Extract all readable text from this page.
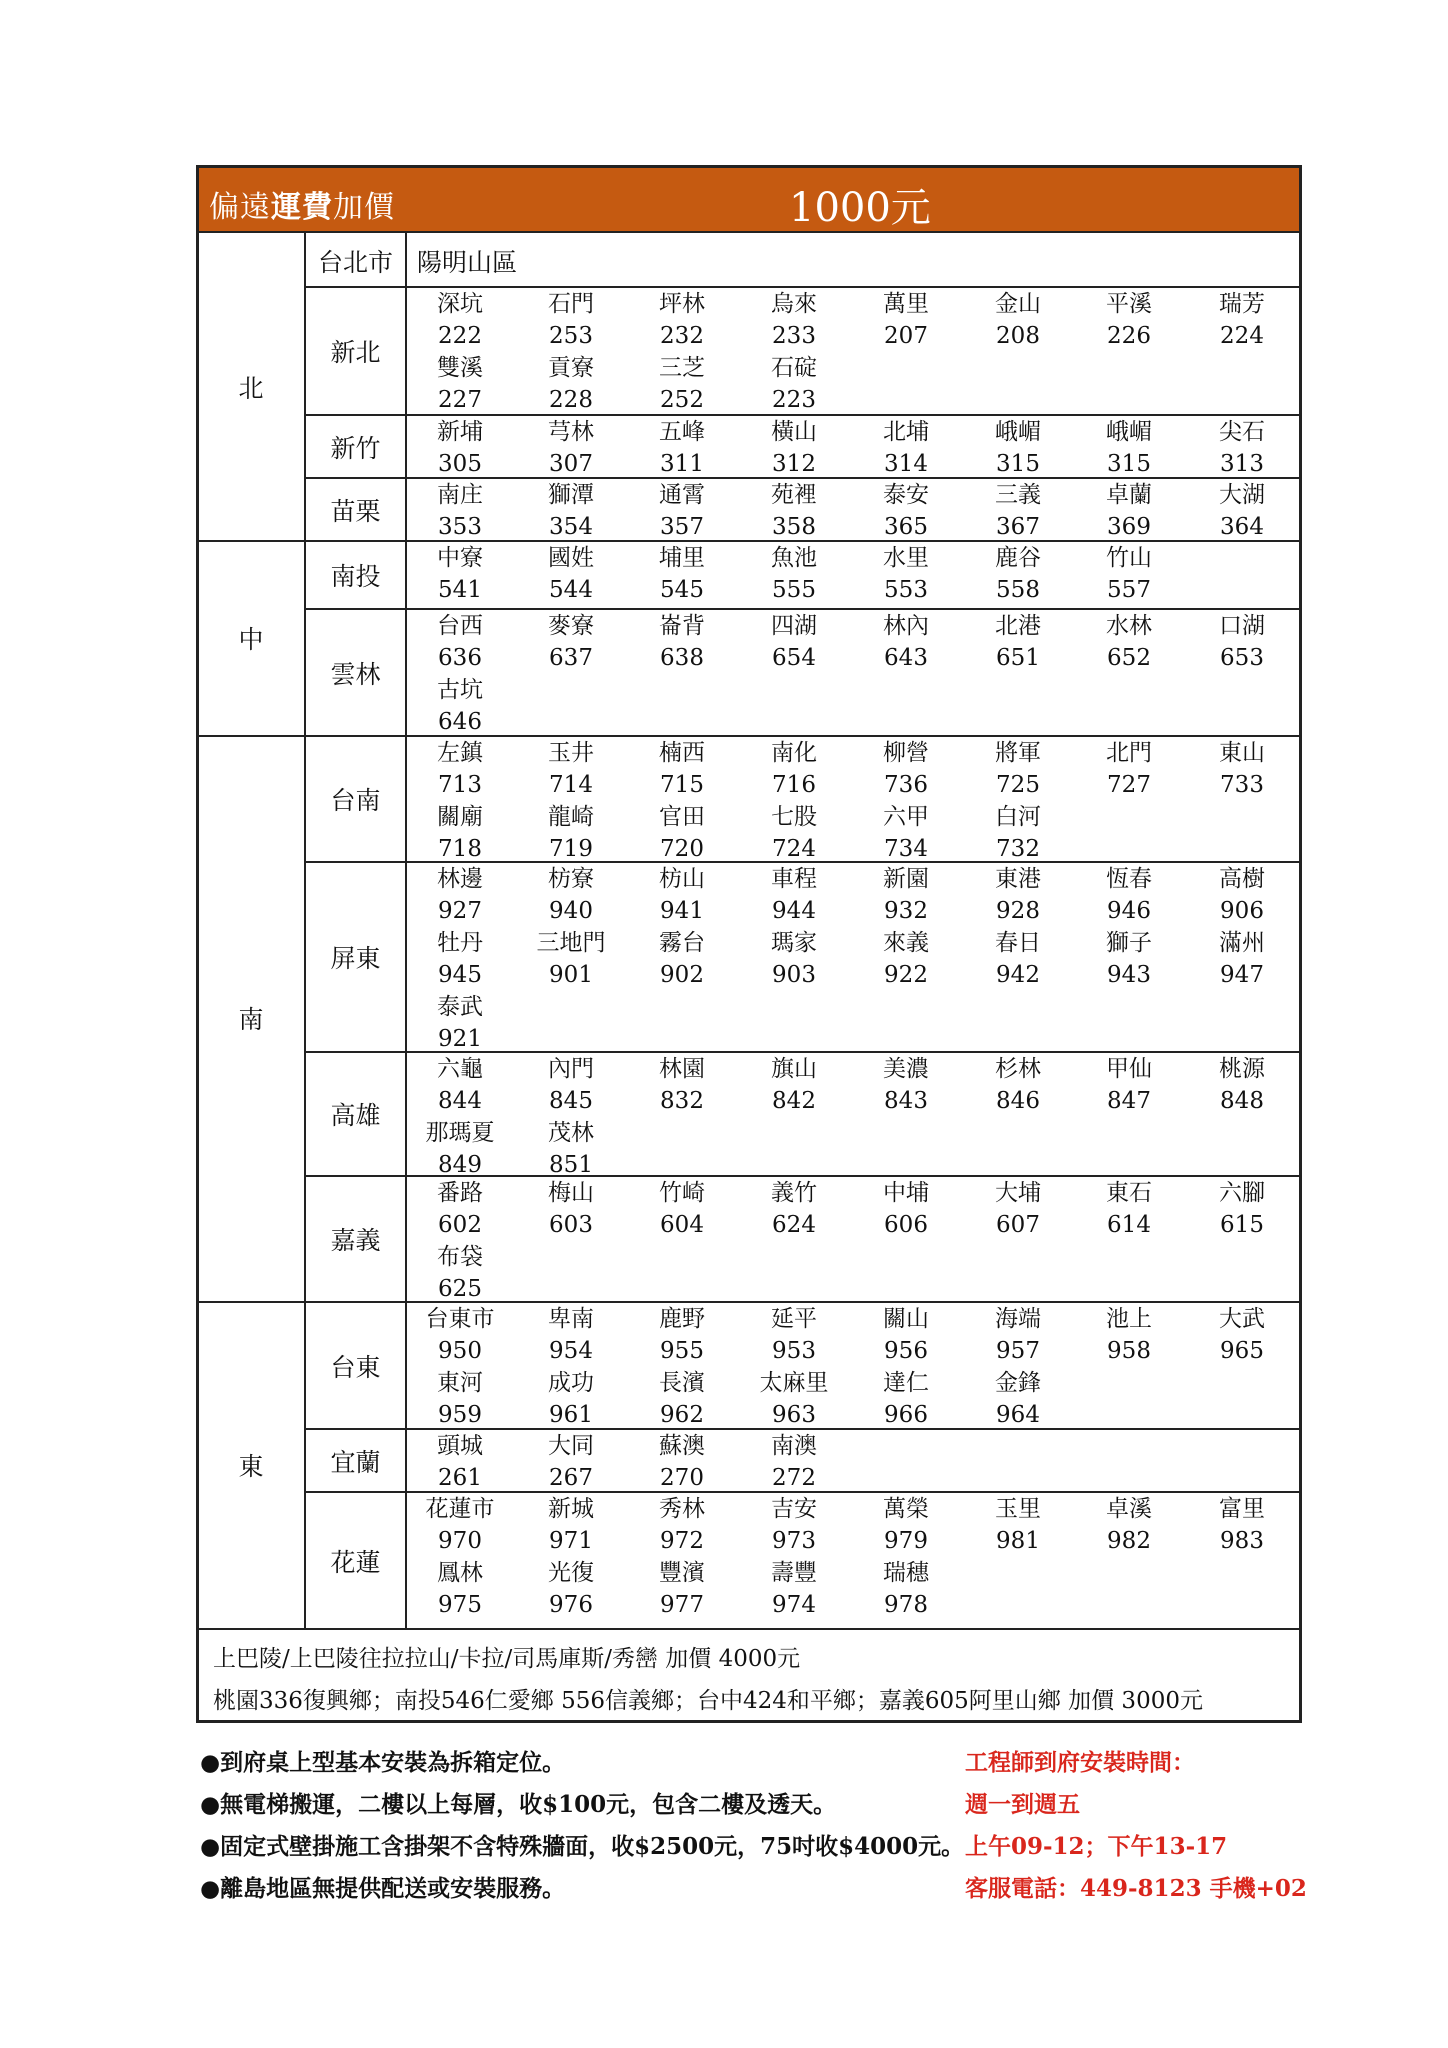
偏遠運費加價	1000元
北
中
南
東
台北市 陽明山區
新北
深坑
222
石門
253
坪林
232
烏來
233
萬里
207
金山
208
平溪
226
瑞芳
224
雙溪
227
貢寮
228
三芝
252
石碇
223
新竹
新埔
305
芎林
307
五峰
311
橫山
312
北埔
314
峨嵋
315
峨嵋
315
尖石
313
苗栗
南庄
353
獅潭
354
通霄
357
苑裡
358
泰安
365
三義
367
卓蘭
369
大湖
364
南投
中寮
541
國姓
544
埔里
545
魚池
555
水里
553
鹿谷
558
竹山
557
雲林
台西
636
麥寮
637
崙背
638
四湖
654
林內
643
北港
651
水林
652
口湖
653
古坑
646
台南
左鎮
713
玉井
714
楠西
715
南化
716
柳營
736
將軍
725
北門
727
東山
733
關廟
718
龍崎
719
官田
720
七股
724
六甲
734
白河
732
屏東
林邊
927
枋寮
940
枋山
941
車程
944
新園
932
東港
928
恆春
946
高樹
906
牡丹
945
三地門
901
霧台
902
瑪家
903
來義
922
春日
942
獅子
943
滿州
947
泰武
921
高雄
六龜
844
內門
845
林園
832
旗山
842
美濃
843
杉林
846
甲仙
847
桃源
848
那瑪夏
849
茂林
851
嘉義
番路
602
梅山
603
竹崎
604
義竹
624
中埔
606
大埔
607
東石
614
六腳
615
布袋
625
台東
台東市
950
卑南
954
鹿野
955
延平
953
關山
956
海端
957
池上
958
大武
965
東河
959
成功
961
長濱
962
太麻里
963
達仁
966
金鋒
964
宜蘭
頭城
261
大同
267
蘇澳
270
南澳
272
花蓮
花蓮市
970
新城
971
秀林
972
吉安
973
萬榮
979
玉里
981
卓溪
982
富里
983
鳳林
975
光復
976
豐濱
977
壽豐
974
瑞穗
978
上巴陵/上巴陵往拉拉山/卡拉/司馬庫斯/秀巒 加價 4000元
桃園336復興鄉；南投546仁愛鄉 556信義鄉；台中424和平鄉；嘉義605阿里山鄉 加價 3000元
●到府桌上型基本安裝為拆箱定位。
●無電梯搬運，二樓以上每層，收$100元，包含二樓及透天。
●固定式壁掛施工含掛架不含特殊牆面，收$2500元，75吋收$4000元。
●離島地區無提供配送或安裝服務。
工程師到府安裝時間：
週一到週五
上午09-12；下午13-17
客服電話：449-8123 手機+02
